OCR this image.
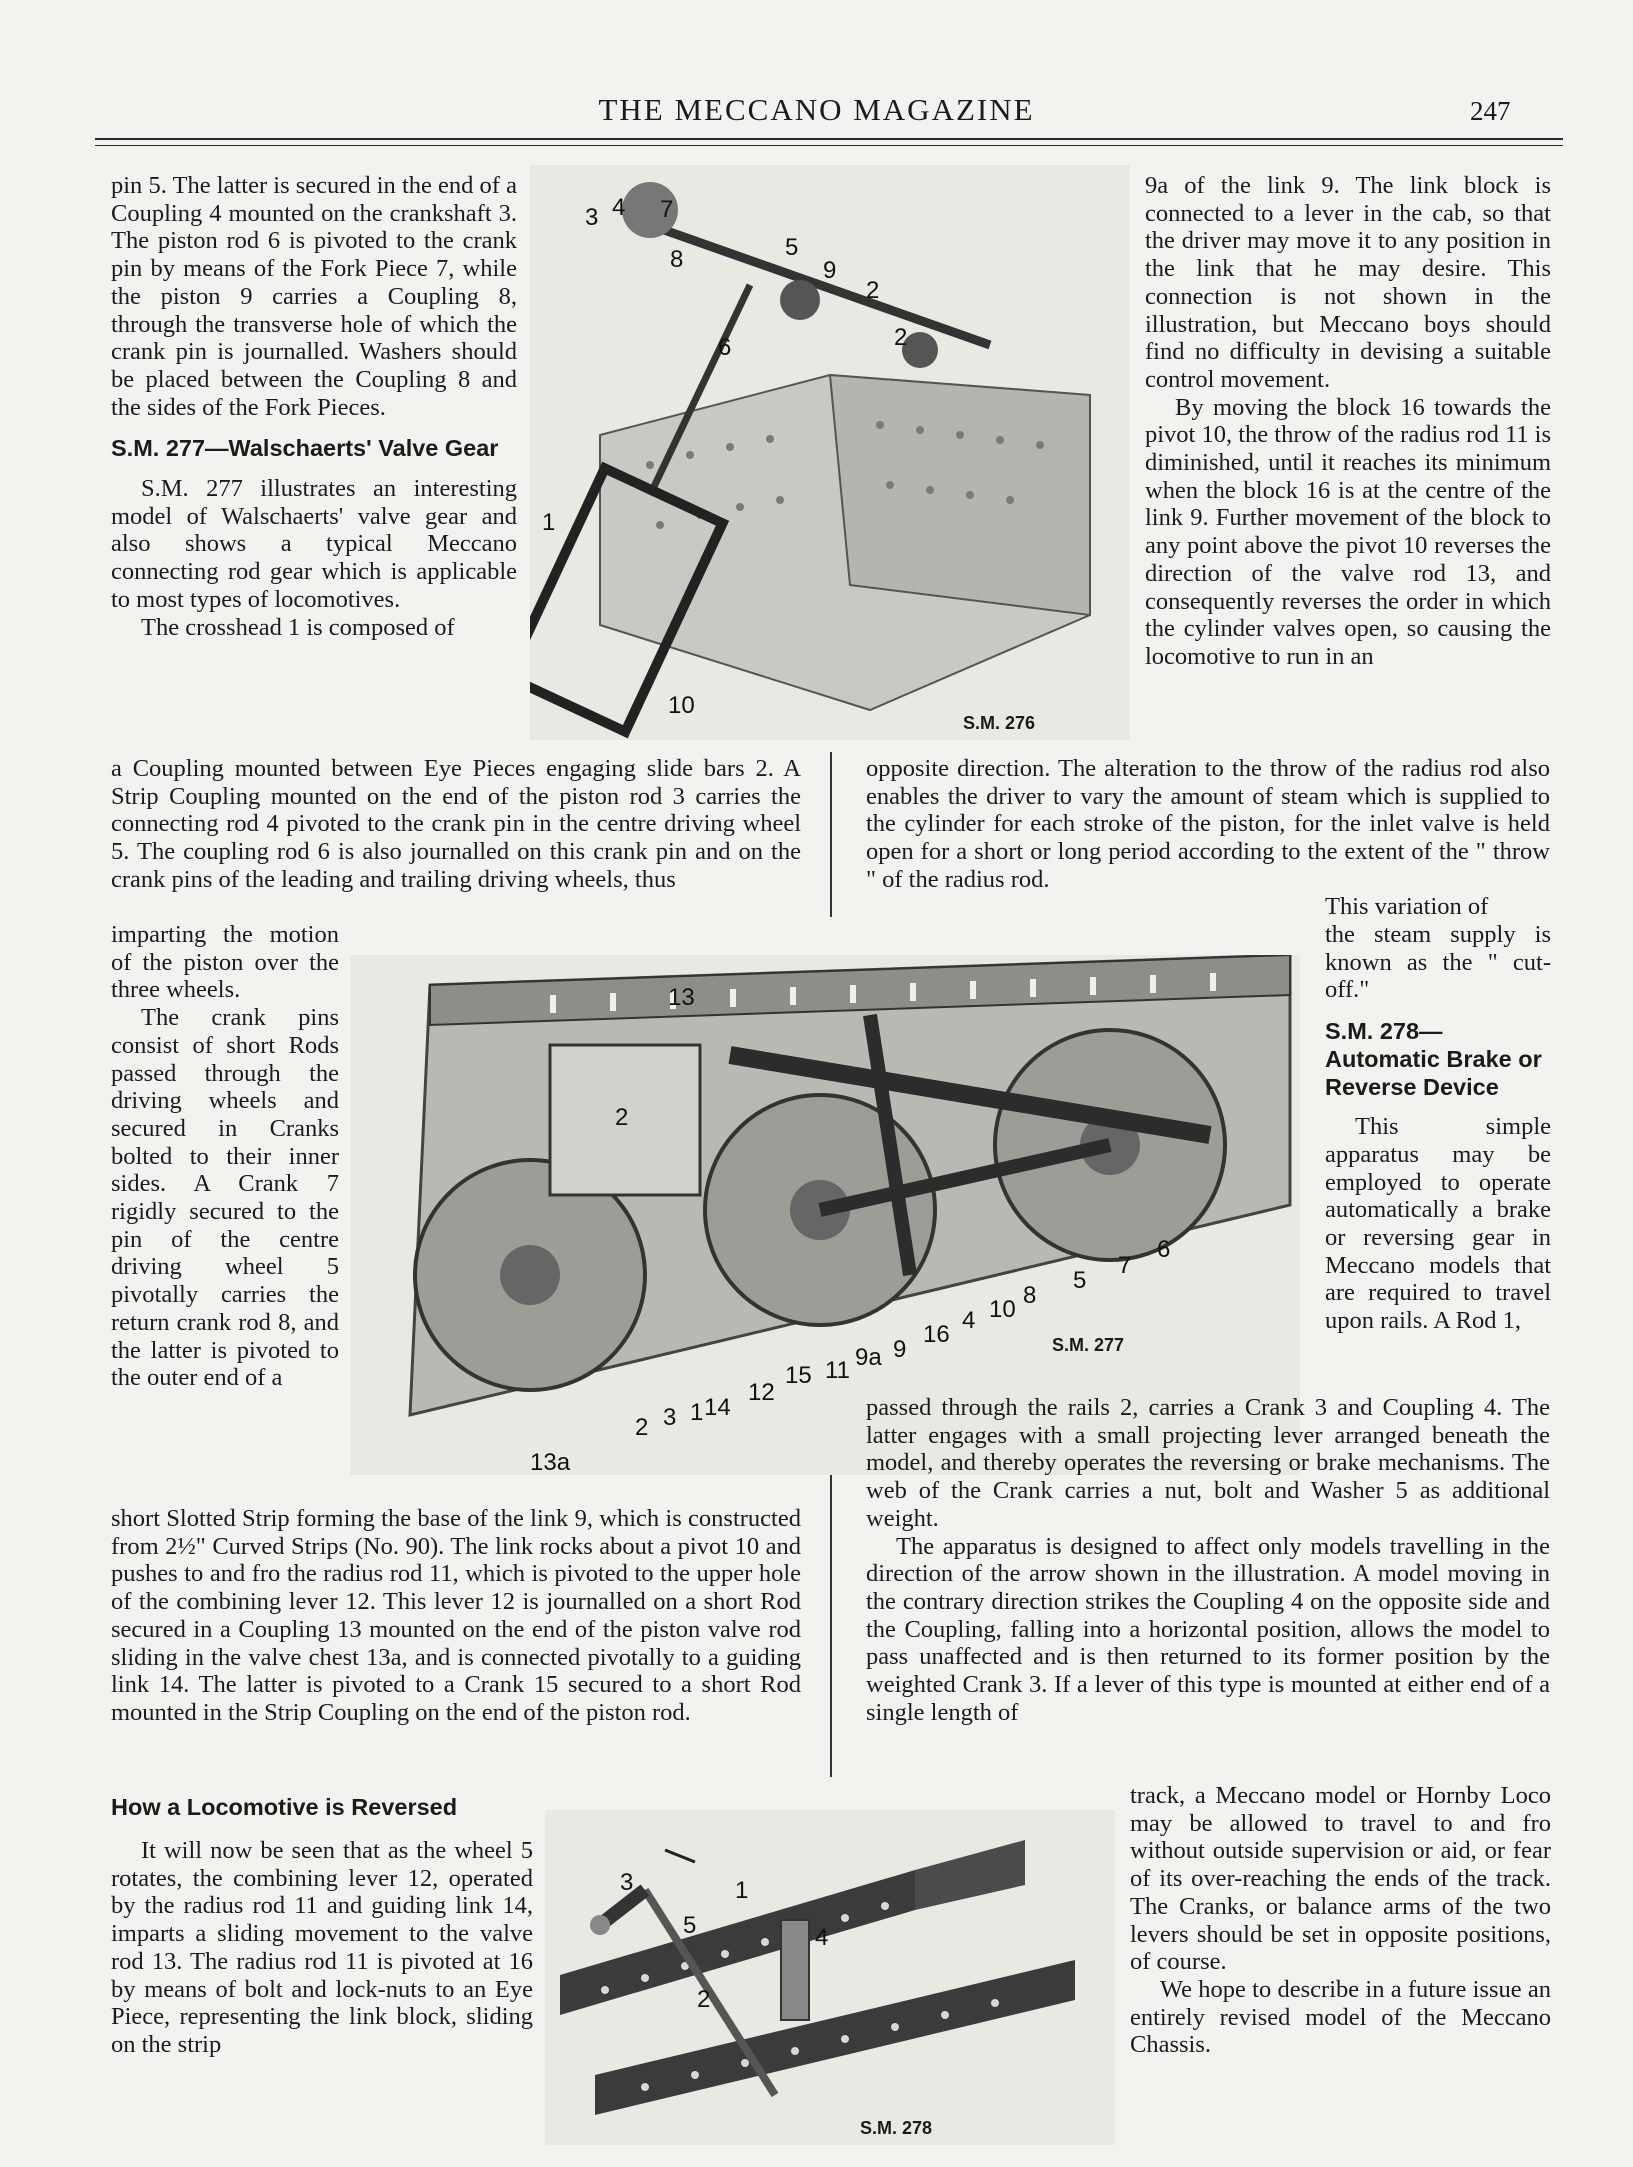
THE MECCANO MAGAZINE	247

pin 5. The latter is secured in the end of a Coupling 4 mounted on the crankshaft 3. The piston rod 6 is pivoted to the crank pin by means of the Fork Piece 7, while the piston 9 carries a Coupling 8, through the transverse hole of which the crank pin is journalled. Washers should be placed between the Coupling 8 and the sides of the Fork Pieces.

S.M. 277—Walschaerts' Valve Gear

S.M. 277 illustrates an interesting model of Walschaerts' valve gear and also shows a typical Meccano connecting rod gear which is applicable to most types of locomotives.

The crosshead 1 is composed of

3 4 7
8	5
9
2
2
6
1
10
S.M. 276

9a of the link 9. The link block is connected to a lever in the cab, so that the driver may move it to any position in the link that he may desire. This connection is not shown in the illustration, but Meccano boys should find no difficulty in devising a suitable control movement.

By moving the block 16 towards the pivot 10, the throw of the radius rod 11 is diminished, until it reaches its minimum when the block 16 is at the centre of the link 9. Further movement of the block to any point above the pivot 10 reverses the direction of the valve rod 13, and consequently reverses the order in which the cylinder valves open, so causing the locomotive to run in an

a Coupling mounted between Eye Pieces engaging slide bars 2. A Strip Coupling mounted on the end of the piston rod 3 carries the connecting rod 4 pivoted to the crank pin in the centre driving wheel 5. The coupling rod 6 is also journalled on this crank pin and on the crank pins of the leading and trailing driving wheels, thus

opposite direction. The alteration to the throw of the radius rod also enables the driver to vary the amount of steam which is supplied to the cylinder for each stroke of the piston, for the inlet valve is held open for a short or long period according to the extent of the " throw " of the radius rod.

This variation of

imparting the motion of the piston over the three wheels.

The crank pins consist of short Rods passed through the driving wheels and secured in Cranks bolted to their inner sides. A Crank 7 rigidly secured to the pin of the centre driving wheel 5 pivotally carries the return crank rod 8, and the latter is pivoted to the outer end of a

13
2
6
7
5
8
10
4
16
9a 9
11
15
12
14
1
3
2
13a
S.M. 277

the steam supply is known as the " cut-off."

S.M. 278—Automatic Brake or Reverse Device

This simple apparatus may be employed to operate automatically a brake or reversing gear in Meccano models that are required to travel upon rails. A Rod 1,

short Slotted Strip forming the base of the link 9, which is constructed from 2½" Curved Strips (No. 90). The link rocks about a pivot 10 and pushes to and fro the radius rod 11, which is pivoted to the upper hole of the combining lever 12. This lever 12 is journalled on a short Rod secured in a Coupling 13 mounted on the end of the piston valve rod sliding in the valve chest 13a, and is connected pivotally to a guiding link 14. The latter is pivoted to a Crank 15 secured to a short Rod mounted in the Strip Coupling on the end of the piston rod.

passed through the rails 2, carries a Crank 3 and Coupling 4. The latter engages with a small projecting lever arranged beneath the model, and thereby operates the reversing or brake mechanisms. The web of the Crank carries a nut, bolt and Washer 5 as additional weight.

The apparatus is designed to affect only models travelling in the direction of the arrow shown in the illustration. A model moving in the contrary direction strikes the Coupling 4 on the opposite side and the Coupling, falling into a horizontal position, allows the model to pass unaffected and is then returned to its former position by the weighted Crank 3. If a lever of this type is mounted at either end of a single length of

How a Locomotive is Reversed

It will now be seen that as the wheel 5 rotates, the combining lever 12, operated by the radius rod 11 and guiding link 14, imparts a sliding movement to the valve rod 13. The radius rod 11 is pivoted at 16 by means of bolt and lock-nuts to an Eye Piece, representing the link block, sliding on the strip

3	1
5	4
2
S.M. 278

track, a Meccano model or Hornby Loco may be allowed to travel to and fro without outside supervision or aid, or fear of its over-reaching the ends of the track. The Cranks, or balance arms of the two levers should be set in opposite positions, of course.

We hope to describe in a future issue an entirely revised model of the Meccano Chassis.
